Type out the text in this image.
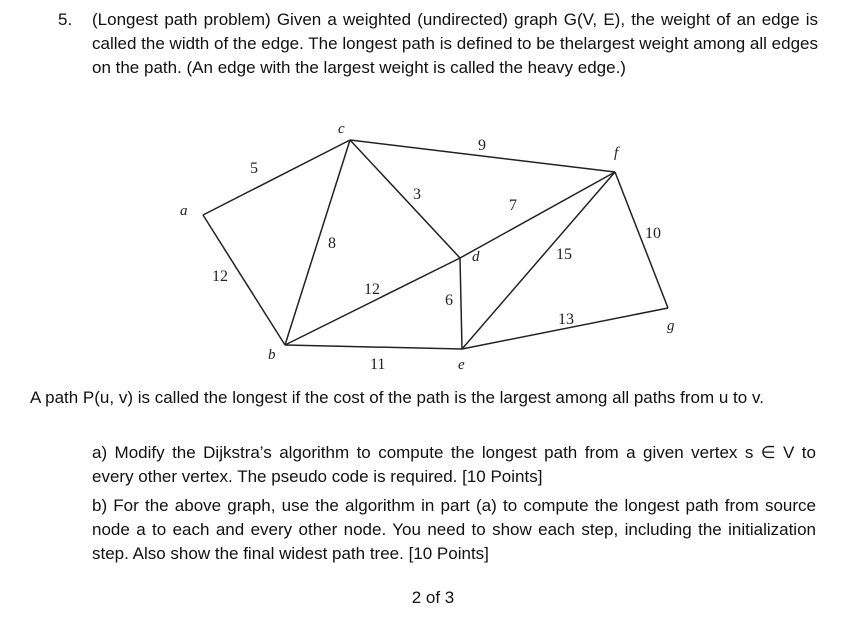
5. (Longest path problem) Given a weighted (undirected) graph G(V, E), the weight of an edge is called the width of the edge. The longest path is defined to be thelargest weight among all edges on the path. (An edge with the largest weight is called the heavy edge.)
a
b
c
d
e
f
g
5
12
8
12
11
3
9
7
6
15
13
10
A path P(u, v) is called the longest if the cost of the path is the largest among all paths from u to v.
a) Modify the Dijkstra’s algorithm to compute the longest path from a given vertex s ∈ V to every other vertex. The pseudo code is required. [10 Points]
b) For the above graph, use the algorithm in part (a) to compute the longest path from source node a to each and every other node. You need to show each step, including the initialization step. Also show the final widest path tree. [10 Points]
2 of 3
